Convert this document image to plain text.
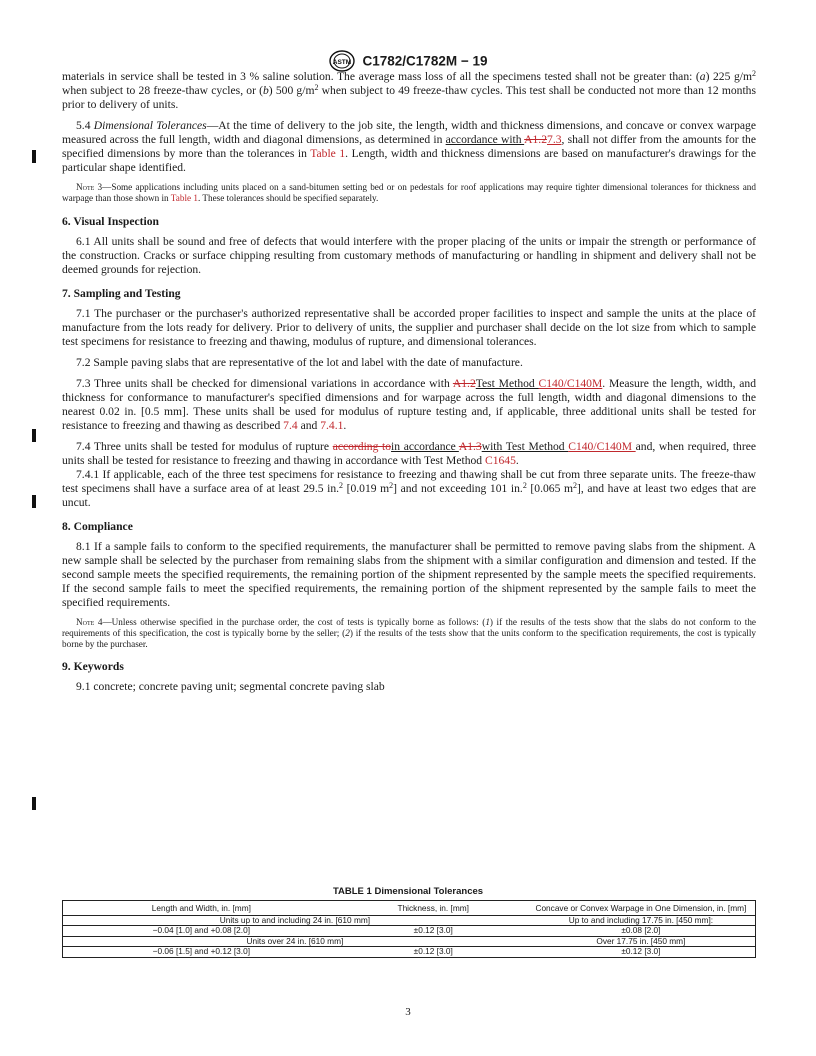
ASTM C1782/C1782M − 19

materials in service shall be tested in 3 % saline solution. The average mass loss of all the specimens tested shall not be greater than: (a) 225 $g/m^2$ when subject to 28 freeze-thaw cycles, or (b) 500 $g/m^2$ when subject to 49 freeze-thaw cycles. This test shall be conducted not more than 12 months prior to delivery of units.

5.4 Dimensional Tolerances—At the time of delivery to the job site, the length, width and thickness dimensions, and concave or convex warpage measured across the full length, width and diagonal dimensions, as determined in accordance with A1.27.3, shall not differ from the amounts for the specified dimensions by more than the tolerances in Table 1. Length, width and thickness dimensions are based on manufacturer's drawings for the particular shape identified.

Note 3—Some applications including units placed on a sand-bitumen setting bed or on pedestals for roof applications may require tighter dimensional tolerances for thickness and warpage than those shown in Table 1. These tolerances should be specified separately.

6. Visual Inspection

6.1 All units shall be sound and free of defects that would interfere with the proper placing of the units or impair the strength or performance of the construction. Cracks or surface chipping resulting from customary methods of manufacturing or handling in shipment and delivery shall not be deemed grounds for rejection.

7. Sampling and Testing

7.1 The purchaser or the purchaser's authorized representative shall be accorded proper facilities to inspect and sample the units at the place of manufacture from the lots ready for delivery. Prior to delivery of units, the supplier and purchaser shall decide on the lot size from which to sample test specimens for resistance to freezing and thawing, modulus of rupture, and dimensional tolerances.

7.2 Sample paving slabs that are representative of the lot and label with the date of manufacture.

7.3 Three units shall be checked for dimensional variations in accordance with A1.2Test Method C140/C140M. Measure the length, width, and thickness for conformance to manufacturer's specified dimensions and for warpage across the full length, width and diagonal dimensions to the nearest 0.02 in. [0.5 mm]. These units shall be used for modulus of rupture testing and, if applicable, three additional units shall be tested for resistance to freezing and thawing as described 7.4 and 7.4.1.

7.4 Three units shall be tested for modulus of rupture according toin accordance A1.3with Test Method C140/C140M and, when required, three units shall be tested for resistance to freezing and thawing in accordance with Test Method C1645.

7.4.1 If applicable, each of the three test specimens for resistance to freezing and thawing shall be cut from three separate units. The freeze-thaw test specimens shall have a surface area of at least 29.5 in.$^2$ [0.019 $m^2$] and not exceeding 101 in.$^2$ [0.065 $m^2$], and have at least two edges that are uncut.

8. Compliance

8.1 If a sample fails to conform to the specified requirements, the manufacturer shall be permitted to remove paving slabs from the shipment. A new sample shall be selected by the purchaser from remaining slabs from the shipment with a similar configuration and dimension and tested. If the second sample meets the specified requirements, the remaining portion of the shipment represented by the sample meets the specified requirements. If the second sample fails to meet the specified requirements, the remaining portion of the shipment represented by the sample fails to meet the specified requirements.

Note 4—Unless otherwise specified in the purchase order, the cost of tests is typically borne as follows: (1) if the results of the tests show that the slabs do not conform to the requirements of this specification, the cost is typically borne by the seller; (2) if the results of the tests show that the units conform to the specification requirements, the cost is typically borne by the purchaser.

9. Keywords

9.1 concrete; concrete paving unit; segmental concrete paving slab

TABLE 1 Dimensional Tolerances
Length and Width, in. [mm]	Thickness, in. [mm]	Concave or Convex Warpage in One Dimension, in. [mm]
Units up to and including 24 in. [610 mm]		Up to and including 17.75 in. [450 mm]:
−0.04 [1.0] and +0.08 [2.0]	±0.12 [3.0]	±0.08 [2.0]
Units over 24 in. [610 mm]		Over 17.75 in. [450 mm]
−0.06 [1.5] and +0.12 [3.0]	±0.12 [3.0]	±0.12 [3.0]
3
